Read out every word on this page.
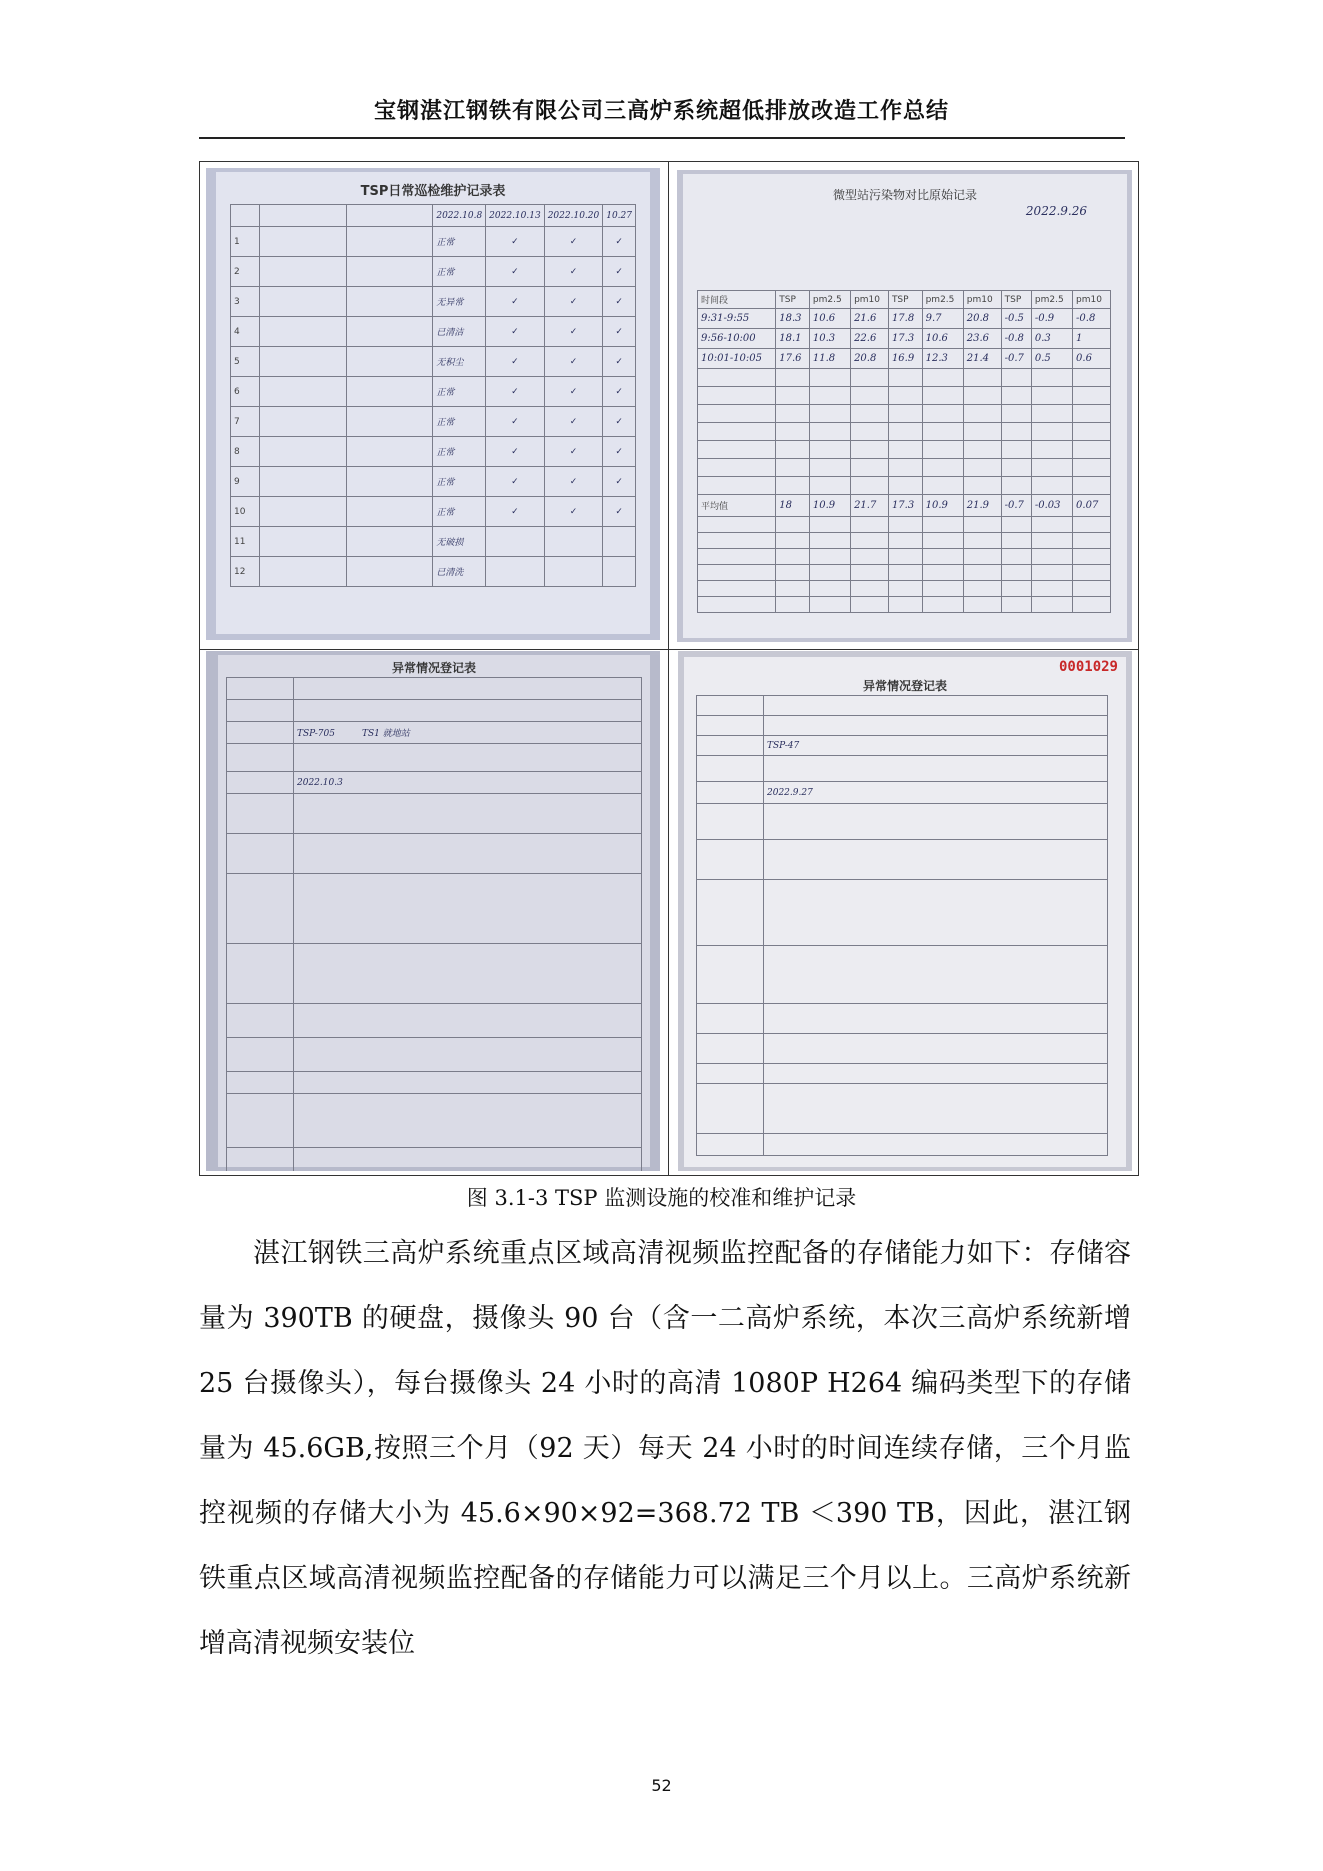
宝钢湛江钢铁有限公司三高炉系统超低排放改造工作总结
TSP日常巡检维护记录表
			2022.10.8	2022.10.13	2022.10.20	10.27
1			正常	✓	✓	✓
2			正常	✓	✓	✓
3			无异常	✓	✓	✓
4			已清洁	✓	✓	✓
5			无积尘	✓	✓	✓
6			正常	✓	✓	✓
7			正常	✓	✓	✓
8			正常	✓	✓	✓
9			正常	✓	✓	✓
10			正常	✓	✓	✓
11			无破损			
12			已清洗			
微型站污染物对比原始记录
2022.9.26
时间段	TSP	pm2.5	pm10	TSP	pm2.5	pm10	TSP	pm2.5	pm10
9:31-9:55	18.3	10.6	21.6	17.8	9.7	20.8	-0.5	-0.9	-0.8
9:56-10:00	18.1	10.3	22.6	17.3	10.6	23.6	-0.8	0.3	1
10:01-10:05	17.6	11.8	20.8	16.9	12.3	21.4	-0.7	0.5	0.6

平均值	18	10.9	21.7	17.3	10.9	21.9	-0.7	-0.03	0.07

异常情况登记表

	TSP-705　　　 TS1 就地站

	2022.10.3

0001029
异常情况登记表

	TSP-47

	2022.9.27

图 3.1-3 TSP 监测设施的校准和维护记录

湛江钢铁三高炉系统重点区域高清视频监控配备的存储能力如下：存储容量为 390TB 的硬盘，摄像头 90 台（含一二高炉系统，本次三高炉系统新增 25 台摄像头），每台摄像头 24 小时的高清 1080P H264 编码类型下的存储量为 45.6GB,按照三个月（92 天）每天 24 小时的时间连续存储，三个月监控视频的存储大小为 45.6×90×92=368.72 TB ＜390 TB，因此，湛江钢铁重点区域高清视频监控配备的存储能力可以满足三个月以上。三高炉系统新增高清视频安装位

52
